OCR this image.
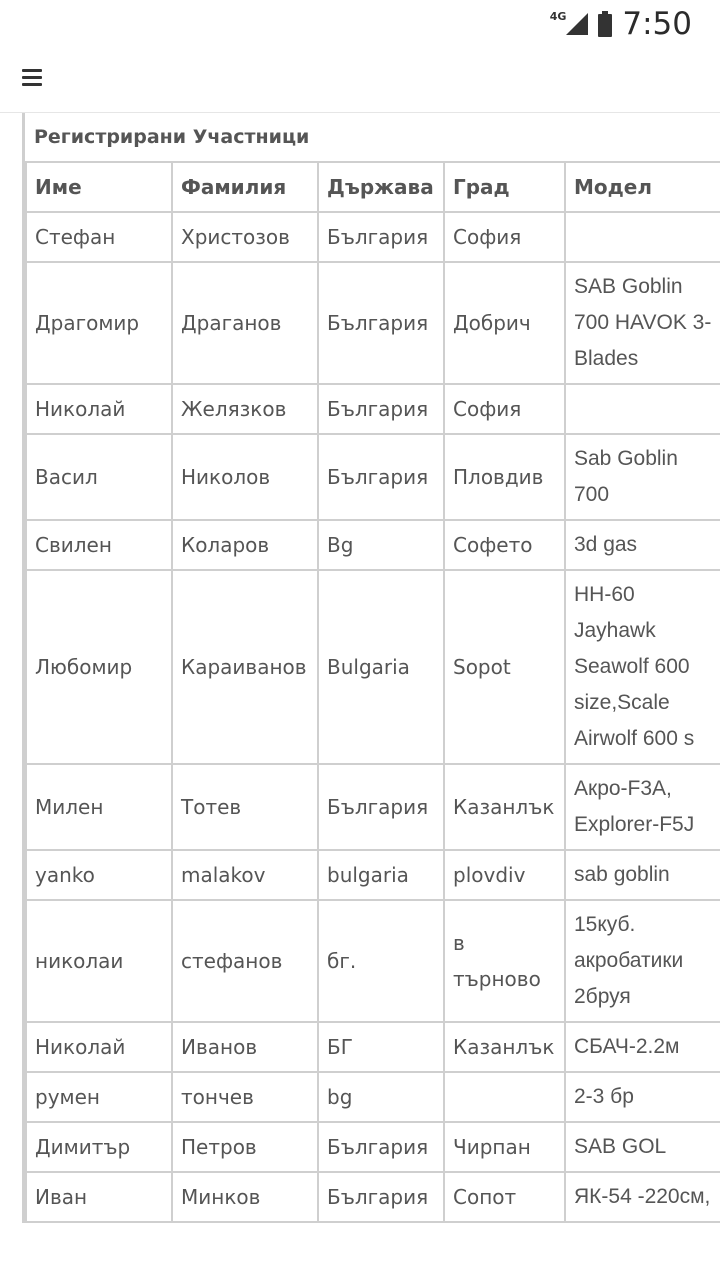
4G 7:50
Регистрирани Участници				
Име	Фамилия	Държава	Град	Модел
Стефан	Христозов	България	София	
Драгомир	Драганов	България	Добрич	SAB Goblin 700 HAVOK 3-Blades
Николай	Желязков	България	София	
Васил	Николов	България	Пловдив	Sab Goblin 700
Свилен	Коларов	Bg	Софето	3d gas
Любомир	Караиванов	Bulgaria	Sopot	HH-60 Jayhawk Seawolf 600 size,Scale Airwolf 600 s
Милен	Тотев	България	Казанлък	Акро-F3A, Explorer-F5J
yanko	malakov	bulgaria	plovdiv	sab goblin
николаи	стефанов	бг.	в търново	15куб. акробатики 2бруя
Николай	Иванов	БГ	Казанлък	СБАЧ-2.2м
румен	тончев	bg		2-3 бр
Димитър	Петров	България	Чирпан	SAB GOL
Иван	Минков	България	Сопот	ЯК-54 -220см,
